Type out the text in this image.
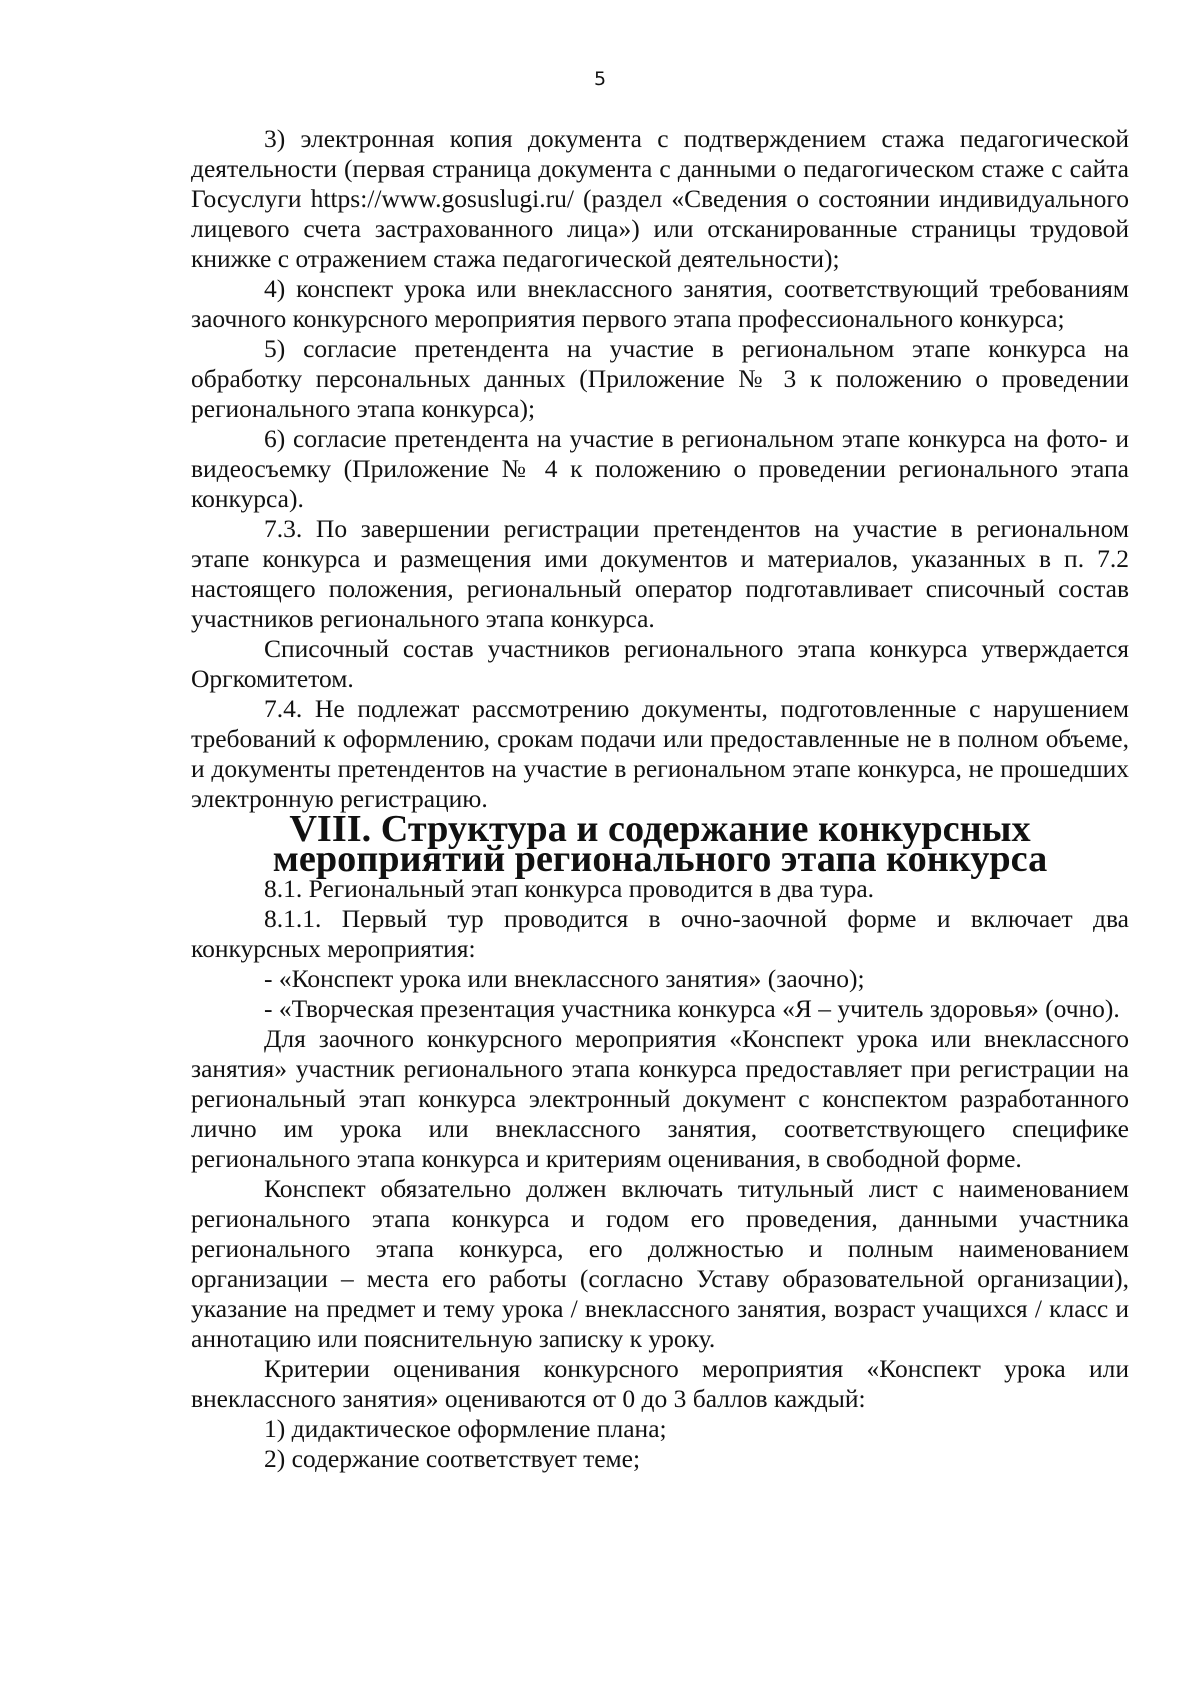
5

3) электронная копия документа с подтверждением стажа педагогической деятельности (первая страница документа с данными о педагогическом стаже с сайта Госуслуги https://www.gosuslugi.ru/ (раздел «Сведения о состоянии индивидуального лицевого счета застрахованного лица») или отсканированные страницы трудовой книжке с отражением стажа педагогической деятельности);

4) конспект урока или внеклассного занятия, соответствующий требованиям заочного конкурсного мероприятия первого этапа профессионального конкурса;

5) согласие претендента на участие в региональном этапе конкурса на обработку персональных данных (Приложение № 3 к положению о проведении регионального этапа конкурса);

6) согласие претендента на участие в региональном этапе конкурса на фото- и видеосъемку (Приложение № 4 к положению о проведении регионального этапа конкурса).

7.3. По завершении регистрации претендентов на участие в региональном этапе конкурса и размещения ими документов и материалов, указанных в п. 7.2 настоящего положения, региональный оператор подготавливает списочный состав участников регионального этапа конкурса.

Списочный состав участников регионального этапа конкурса утверждается Оргкомитетом.

7.4. Не подлежат рассмотрению документы, подготовленные с нарушением требований к оформлению, срокам подачи или предоставленные не в полном объеме, и документы претендентов на участие в региональном этапе конкурса, не прошедших электронную регистрацию.

VIII. Структура и содержание конкурсных мероприятий регионального этапа конкурса

8.1. Региональный этап конкурса проводится в два тура.

8.1.1. Первый тур проводится в очно-заочной форме и включает два конкурсных мероприятия:

- «Конспект урока или внеклассного занятия» (заочно);

- «Творческая презентация участника конкурса «Я – учитель здоровья» (очно).

Для заочного конкурсного мероприятия «Конспект урока или внеклассного занятия» участник регионального этапа конкурса предоставляет при регистрации на региональный этап конкурса электронный документ с конспектом разработанного лично им урока или внеклассного занятия, соответствующего специфике регионального этапа конкурса и критериям оценивания, в свободной форме.

Конспект обязательно должен включать титульный лист с наименованием регионального этапа конкурса и годом его проведения, данными участника регионального этапа конкурса, его должностью и полным наименованием организации – места его работы (согласно Уставу образовательной организации), указание на предмет и тему урока / внеклассного занятия, возраст учащихся / класс и аннотацию или пояснительную записку к уроку.

Критерии оценивания конкурсного мероприятия «Конспект урока или внеклассного занятия» оцениваются от 0 до 3 баллов каждый:

1) дидактическое оформление плана;

2) содержание соответствует теме;
